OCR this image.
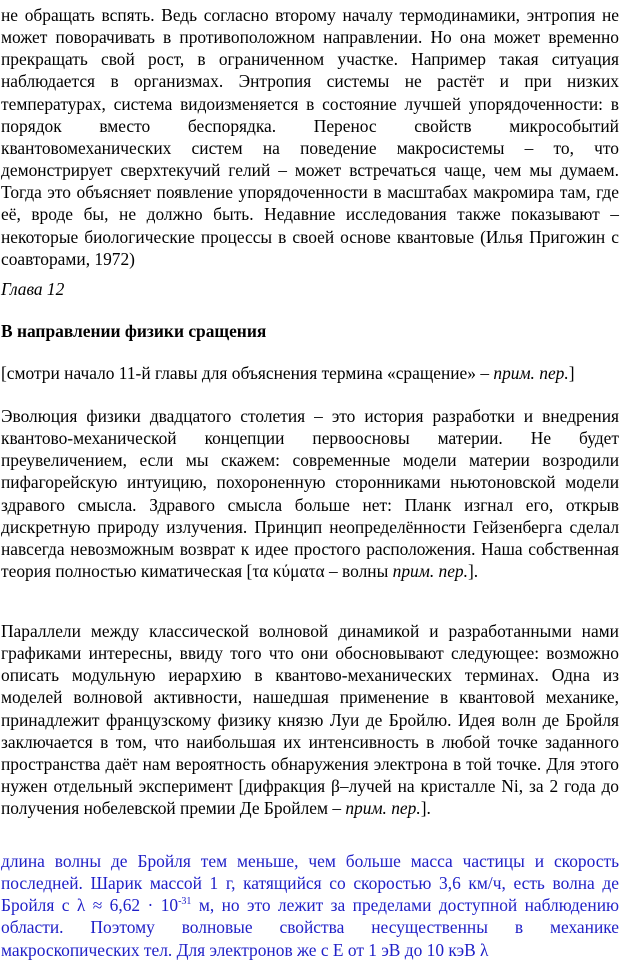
не обращать вспять. Ведь согласно второму началу термодинамики, энтропия не может поворачивать в противоположном направлении. Но она может временно прекращать свой рост, в ограниченном участке. Например такая ситуация наблюдается в организмах. Энтропия системы не растёт и при низких температурах, система видоизменяется в состояние лучшей упорядоченности: в порядок вместо беспорядка. Перенос свойств микрособытий квантовомеханических систем на поведение макросистемы – то, что демонстрирует сверхтекучий гелий – может встречаться чаще, чем мы думаем. Тогда это объясняет появление упорядоченности в масштабах макромира там, где её, вроде бы, не должно быть. Недавние исследования также показывают – некоторые биологические процессы в своей основе квантовые (Илья Пригожин с соавторами, 1972)

Глава 12

В направлении физики сращения

[смотри начало 11-й главы для объяснения термина «сращение» – прим. пер.]

Эволюция физики двадцатого столетия – это история разработки и внедрения квантово-механической концепции первоосновы материи. Не будет преувеличением, если мы скажем: современные модели материи возродили пифагорейскую интуицию, похороненную сторонниками ньютоновской модели здравого смысла. Здравого смысла больше нет: Планк изгнал его, открыв дискретную природу излучения. Принцип неопределённости Гейзенберга сделал навсегда невозможным возврат к идее простого расположения. Наша собственная теория полностью киматическая [τα κύματα – волны прим. пер.].

Параллели между классической волновой динамикой и разработанными нами графиками интересны, ввиду того что они обосновывают следующее: возможно описать модульную иерархию в квантово-механических терминах. Одна из моделей волновой активности, нашедшая применение в квантовой механике, принадлежит французскому физику князю Луи де Бройлю. Идея волн де Бройля заключается в том, что наибольшая их интенсивность в любой точке заданного пространства даёт нам вероятность обнаружения электрона в той точке. Для этого нужен отдельный эксперимент [дифракция β–лучей на кристалле Ni, за 2 года до получения нобелевской премии Де Бройлем – прим. пер.].

длина волны де Бройля тем меньше, чем больше масса частицы и скорость последней. Шарик массой 1 г, катящийся со скоростью 3,6 км/ч, есть волна де Бройля с $\lambda \approx 6,62 \cdot 10^{-31}$ м, но это лежит за пределами доступной наблюдению области. Поэтому волновые свойства несущественны в механике макроскопических тел. Для электронов же с E от 1 эВ до 10 кэВ λ
